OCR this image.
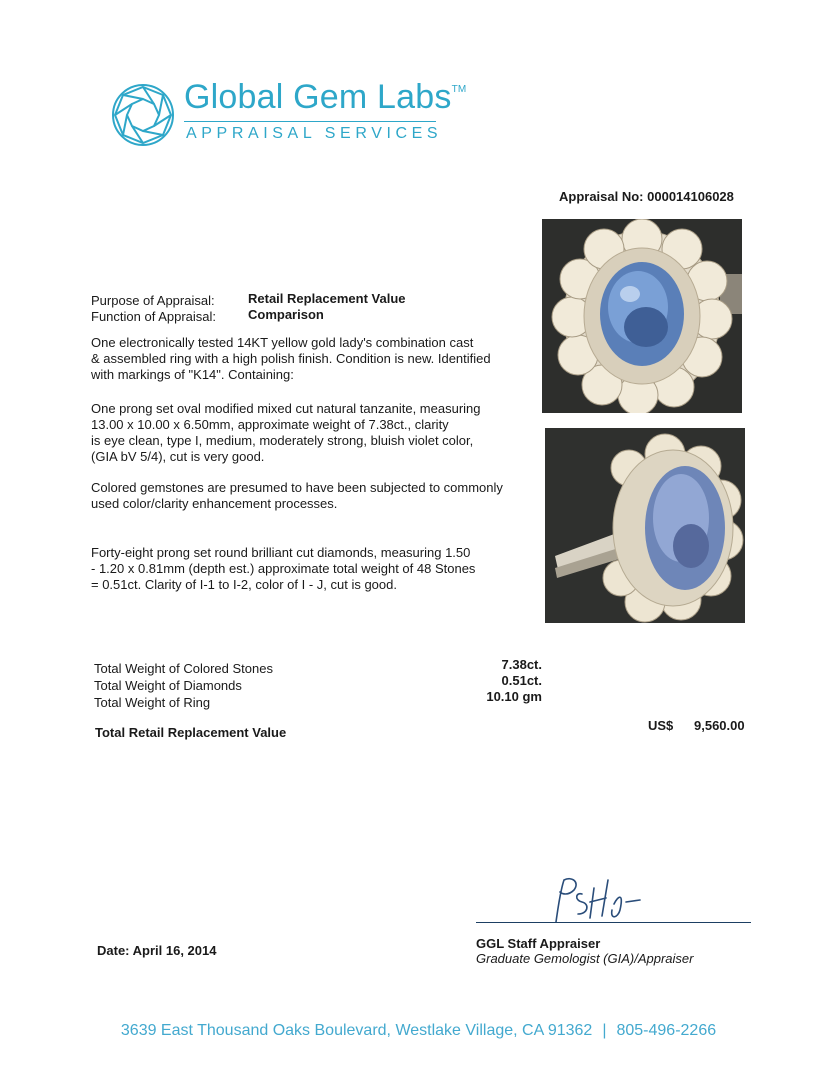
Global Gem Labs™
APPRAISAL SERVICES
Appraisal No: 000014106028
Purpose of Appraisal:	Retail Replacement Value
Function of Appraisal: Comparison
One electronically tested 14KT yellow gold lady's combination cast
& assembled ring with a high polish finish. Condition is new. Identified
with markings of "K14". Containing:
One prong set oval modified mixed cut natural tanzanite, measuring
13.00 x 10.00 x 6.50mm, approximate weight of 7.38ct., clarity
is eye clean, type I, medium, moderately strong, bluish violet color,
(GIA bV 5/4), cut is very good.
Colored gemstones are presumed to have been subjected to commonly
used color/clarity enhancement processes.
Forty-eight prong set round brilliant cut diamonds, measuring 1.50
- 1.20 x 0.81mm (depth est.) approximate total weight of 48 Stones
= 0.51ct. Clarity of I-1 to I-2, color of I - J, cut is good.
Total Weight of Colored Stones	7.38ct.
Total Weight of Diamonds	0.51ct.
Total Weight of Ring	10.10 gm
Total Retail Replacement Value	US$ 9,560.00
GGL Staff Appraiser
Graduate Gemologist (GIA)/Appraiser
Date: April 16, 2014
3639 East Thousand Oaks Boulevard, Westlake Village, CA 91362 | 805-496-2266
